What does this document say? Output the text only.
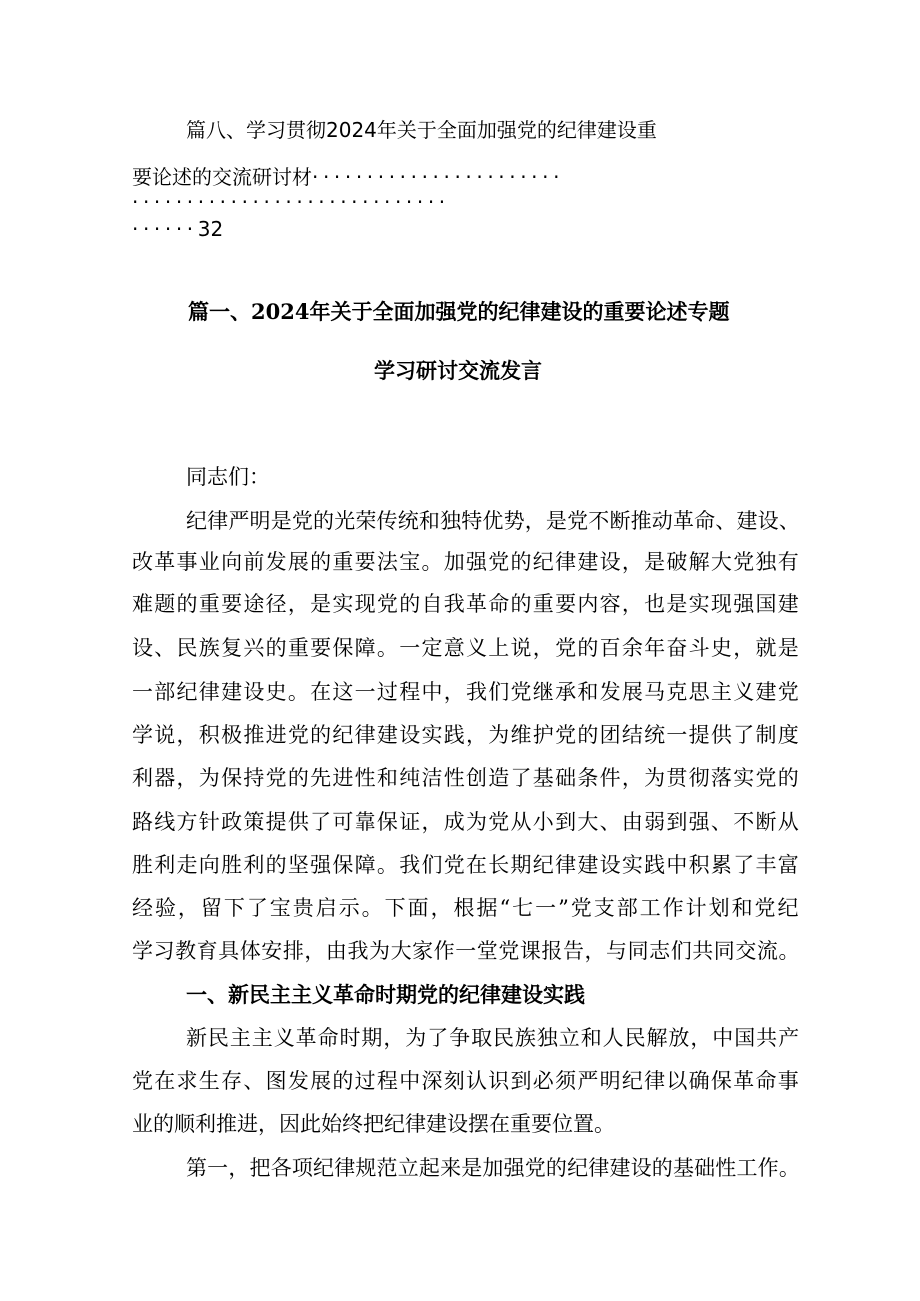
篇八、学习贯彻2024年关于全面加强党的纪律建设重
要论述的交流研讨材·······················
·····························
······32
篇一、2024年关于全面加强党的纪律建设的重要论述专题
学习研讨交流发言
同志们：
纪律严明是党的光荣传统和独特优势，是党不断推动革命、建设、
改革事业向前发展的重要法宝。加强党的纪律建设，是破解大党独有
难题的重要途径，是实现党的自我革命的重要内容，也是实现强国建
设、民族复兴的重要保障。一定意义上说，党的百余年奋斗史，就是
一部纪律建设史。在这一过程中，我们党继承和发展马克思主义建党
学说，积极推进党的纪律建设实践，为维护党的团结统一提供了制度
利器，为保持党的先进性和纯洁性创造了基础条件，为贯彻落实党的
路线方针政策提供了可靠保证，成为党从小到大、由弱到强、不断从
胜利走向胜利的坚强保障。我们党在长期纪律建设实践中积累了丰富
经验，留下了宝贵启示。下面，根据“七一”党支部工作计划和党纪
学习教育具体安排，由我为大家作一堂党课报告，与同志们共同交流。
一、新民主主义革命时期党的纪律建设实践
新民主主义革命时期，为了争取民族独立和人民解放，中国共产
党在求生存、图发展的过程中深刻认识到必须严明纪律以确保革命事
业的顺利推进，因此始终把纪律建设摆在重要位置。
第一，把各项纪律规范立起来是加强党的纪律建设的基础性工作。
